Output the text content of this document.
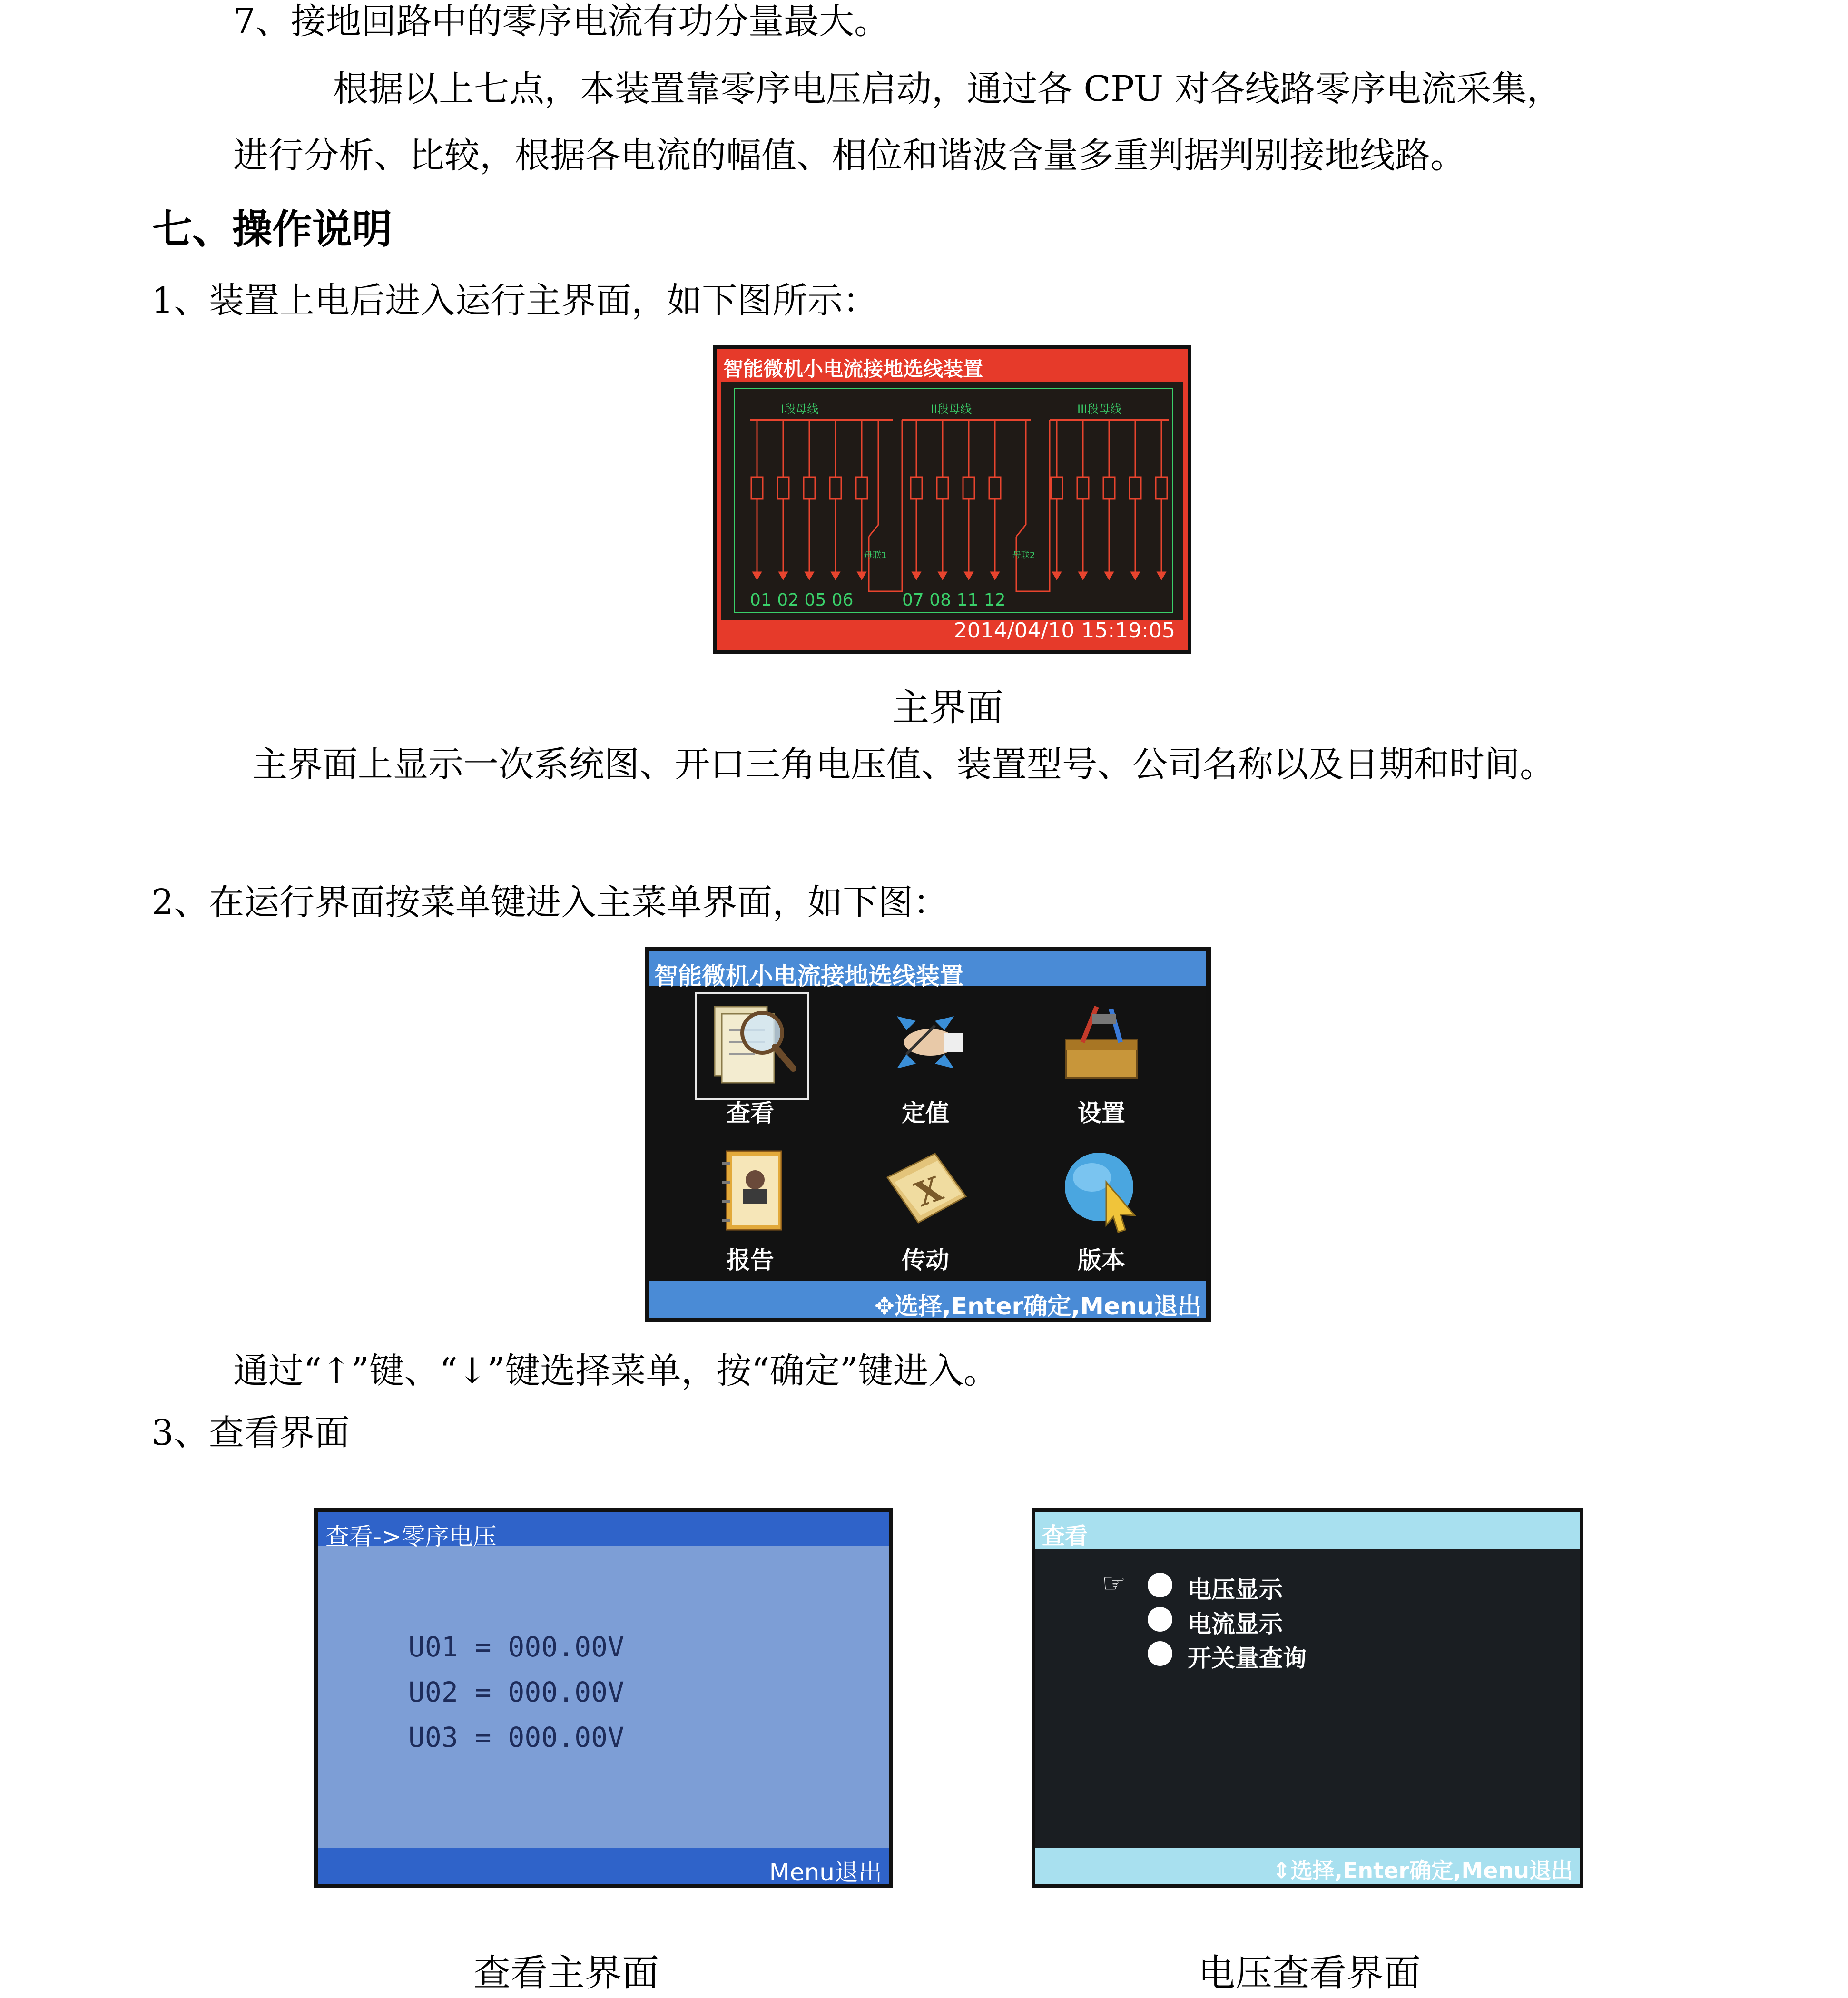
7、接地回路中的零序电流有功分量最大。
根据以上七点，本装置靠零序电压启动，通过各 CPU 对各线路零序电流采集，
进行分析、比较，根据各电流的幅值、相位和谐波含量多重判据判别接地线路。
七、操作说明
1、装置上电后进入运行主界面，如下图所示：
智能微机小电流接地选线装置
I段母线	II段母线	III段母线
母联1	母联2
01 02 05 06	07 08 11 12
2014/04/10 15:19:05
主界面
主界面上显示一次系统图、开口三角电压值、装置型号、公司名称以及日期和时间。
2、在运行界面按菜单键进入主菜单界面，如下图：
智能微机小电流接地选线装置
查看	定值	设置
报告
X
传动	版本
✥选择,Enter确定,Menu退出
通过“↑”键、“↓”键选择菜单，按“确定”键进入。
3、查看界面
查看->零序电压
U01 = 000.00V
U02 = 000.00V
U03 = 000.00V
Menu退出
查看
☞	电压显示
电流显示
开关量查询
⇕选择,Enter确定,Menu退出
查看主界面	电压查看界面
